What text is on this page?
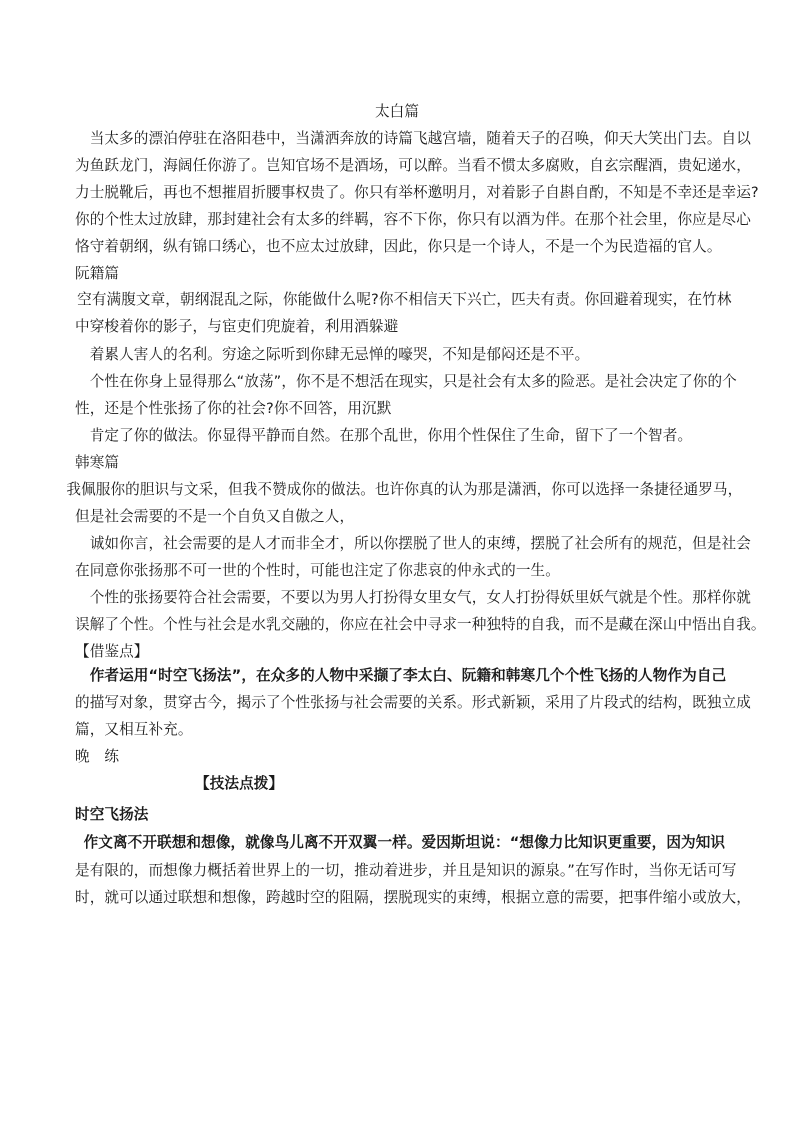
太白篇
　当太多的漂泊停驻在洛阳巷中，当潇洒奔放的诗篇飞越宫墙，随着天子的召唤，仰天大笑出门去。自以
为鱼跃龙门，海阔任你游了。岂知官场不是酒场，可以醉。当看不惯太多腐败，自玄宗醒酒，贵妃递水，
力士脱靴后，再也不想摧眉折腰事权贵了。你只有举杯邀明月，对着影子自斟自酌，不知是不幸还是幸运?
你的个性太过放肆，那封建社会有太多的绊羁，容不下你，你只有以酒为伴。在那个社会里，你应是尽心
恪守着朝纲，纵有锦口绣心，也不应太过放肆，因此，你只是一个诗人，不是一个为民造福的官人。
阮籍篇
　空有满腹文章，朝纲混乱之际，你能做什么呢?你不相信天下兴亡，匹夫有责。你回避着现实，在竹林
中穿梭着你的影子，与宦吏们兜旋着，利用酒躲避
　着累人害人的名利。穷途之际听到你肆无忌惮的嚎哭，不知是郁闷还是不平。
　个性在你身上显得那么“放荡”，你不是不想活在现实，只是社会有太多的险恶。是社会决定了你的个
性，还是个性张扬了你的社会?你不回答，用沉默
　肯定了你的做法。你显得平静而自然。在那个乱世，你用个性保住了生命，留下了一个智者。
韩寒篇
　我佩服你的胆识与文采，但我不赞成你的做法。也许你真的认为那是潇洒，你可以选择一条捷径通罗马，
但是社会需要的不是一个自负又自傲之人，
　诚如你言，社会需要的是人才而非全才，所以你摆脱了世人的束缚，摆脱了社会所有的规范，但是社会
在同意你张扬那不可一世的个性时，可能也注定了你悲哀的仲永式的一生。
　个性的张扬要符合社会需要，不要以为男人打扮得女里女气，女人打扮得妖里妖气就是个性。那样你就
误解了个性。个性与社会是水乳交融的，你应在社会中寻求一种独特的自我，而不是藏在深山中悟出自我。
【借鉴点】
　作者运用“时空飞扬法”，在众多的人物中采撷了李太白、阮籍和韩寒几个个性飞扬的人物作为自己
的描写对象，贯穿古今，揭示了个性张扬与社会需要的关系。形式新颖，采用了片段式的结构，既独立成
篇，又相互补充。
晚　练
【技法点拨】
时空飞扬法
　作文离不开联想和想像，就像鸟儿离不开双翼一样。爱因斯坦说：“想像力比知识更重要，因为知识
是有限的，而想像力概括着世界上的一切，推动着进步，并且是知识的源泉。”在写作时，当你无话可写
时，就可以通过联想和想像，跨越时空的阻隔，摆脱现实的束缚，根据立意的需要，把事件缩小或放大，
